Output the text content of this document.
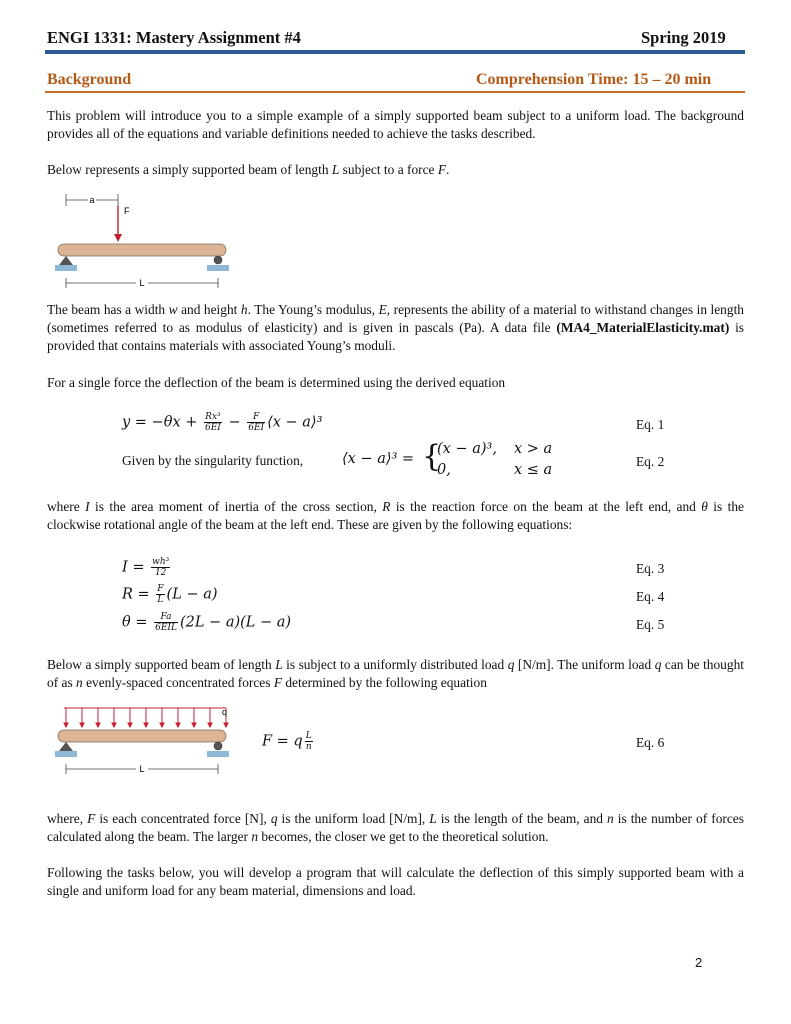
ENGI 1331: Mastery Assignment #4	Spring 2019
Background	Comprehension Time: 15 – 20 min
This problem will introduce you to a simple example of a simply supported beam subject to a uniform load. The background provides all of the equations and variable definitions needed to achieve the tasks described.
Below represents a simply supported beam of length L subject to a force F.
a
F
L
The beam has a width w and height h. The Young’s modulus, E, represents the ability of a material to withstand changes in length (sometimes referred to as modulus of elasticity) and is given in pascals (Pa). A data file (MA4_MaterialElasticity.mat) is provided that contains materials with associated Young’s moduli.
For a single force the deflection of the beam is determined using the derived equation
$y = -\theta x + \frac{\text{Rx³}}{6EI} - \frac{F}{6EI}$ ⟨x − a⟩³	Eq. 1
Given by the singularity function,	⟨x − a⟩³ = {
(x − a)³, x > a
0,	x ≤ a
Eq. 2
where I is the area moment of inertia of the cross section, R is the reaction force on the beam at the left end, and θ is the clockwise rotational angle of the beam at the left end. These are given by the following equations:
$I = \frac{\text{wh³}}{12}$	Eq. 3
$R = \frac{F}{L} (L - a)$	Eq. 4
$\theta = \frac{Fa}{\text{6EIL}} (2L - a)(L - a)$	Eq. 5
Below a simply supported beam of length L is subject to a uniformly distributed load q [N/m]. The uniform load q can be thought of as n evenly-spaced concentrated forces F determined by the following equation
q
L
F = q $\frac{L}{n}$	Eq. 6
where, F is each concentrated force [N], q is the uniform load [N/m], L is the length of the beam, and n is the number of forces calculated along the beam. The larger n becomes, the closer we get to the theoretical solution.
Following the tasks below, you will develop a program that will calculate the deflection of this simply supported beam with a single and uniform load for any beam material, dimensions and load.
2
